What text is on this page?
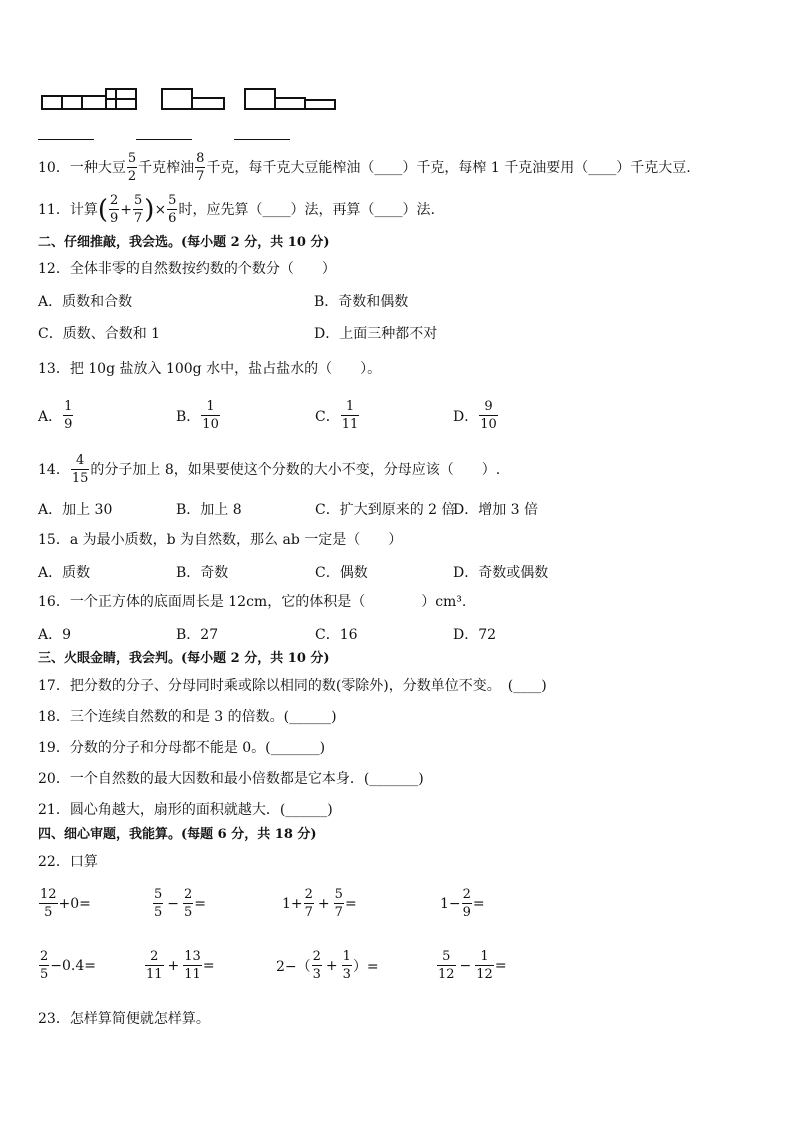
10． 一种大豆 $\frac{5}{2}$ 千克榨油 $\frac{8}{7}$ 千克，每千克大豆能榨油（ ____ ）千克，每榨 1 千克油要用（ ____ ）千克大豆.
11．计算 ( $\frac{2}{9} + \frac{5}{7}$ ) × $\frac{5}{6}$ 时，应先算（ ____ ）法，再算（ ____ ）法.
二、仔细推敲，我会选。(每小题 2 分，共 10 分)
12．全体非零的自然数按约数的个数分（　　）
A．质数和合数	B．奇数和偶数
C．质数、合数和 1	D．上面三种都不对
13．把 10g 盐放入 100g 水中，盐占盐水的（　　）。
A． $\frac{1}{9}$	B． $\frac{1}{10}$	C． $\frac{1}{11}$	D． $\frac{9}{10}$
14． $\frac{4}{15}$ 的分子加上 8，如果要使这个分数的大小不变，分母应该（　　）.
A．加上 30	B．加上 8	C．扩大到原来的 2 倍
D．增加 3 倍
15．a 为最小质数，b 为自然数，那么 ab 一定是（　　）
A．质数	B．奇数	C．偶数	D．奇数或偶数
16．一个正方体的底面周长是 12cm，它的体积是（　　　　）cm³.
A．9	B．27	C．16	D．72
三、火眼金睛，我会判。(每小题 2 分，共 10 分)
17．把分数的分子、分母同时乘或除以相同的数(零除外)，分数单位不变。　(____)
18．三个连续自然数的和是 3 的倍数。(______)
19．分数的分子和分母都不能是 0。(_______)
20．一个自然数的最大因数和最小倍数都是它本身．(_______)
21．圆心角越大，扇形的面积就越大．(______)
四、细心审题，我能算。(每题 6 分，共 18 分)
22．口算
$\frac{12}{5} +0=$	$\frac{5}{5} - \frac{2}{5}$ =	$1+ \frac{2}{7} + \frac{5}{7}$ =	$1- \frac{2}{9}$ =
$\frac{2}{5} -0.4=$	$\frac{2}{11} + \frac{13}{11}$ =	$2-( \frac{2}{3} + \frac{1}{3}$ ）=	$\frac{5}{12} - \frac{1}{12}$ =
23．怎样算简便就怎样算。
